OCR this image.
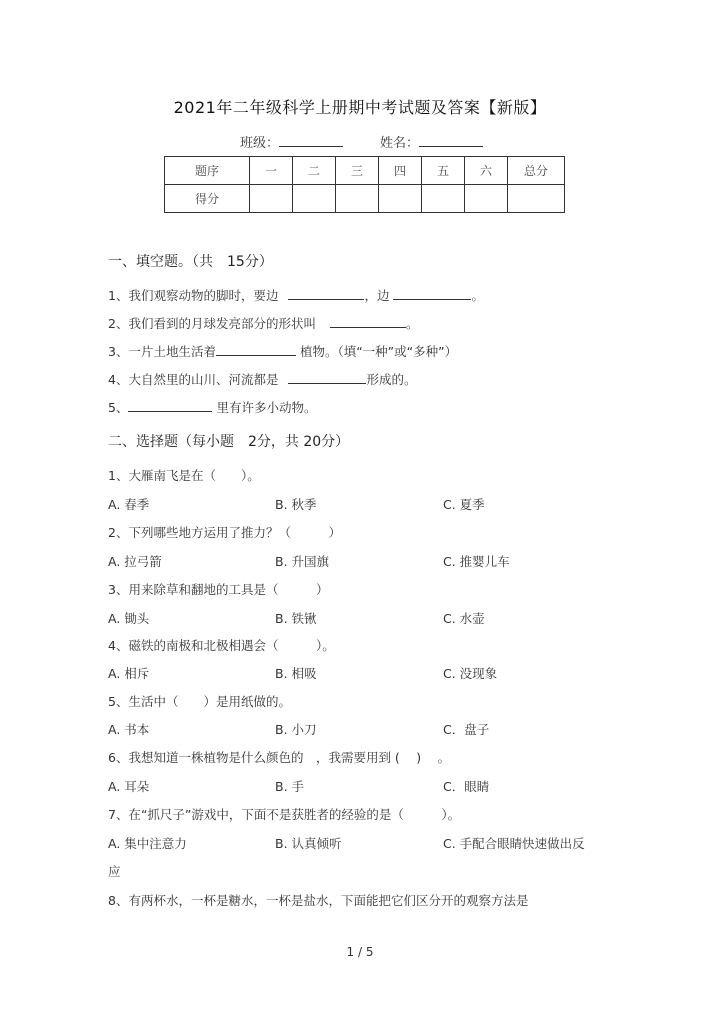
2021年二年级科学上册期中考试题及答案【新版】
班级：	姓名：
题序	一	二	三	四	五	六	总分
得分							
一、填空题。（共　15分）
1、我们观察动物的脚时，要边	，边	。
2、我们看到的月球发亮部分的形状叫	。
3、一片土地生活着	植物。（填“一种”或“多种”）
4、大自然里的山川、河流都是	形成的。
5、	里有许多小动物。
二、选择题（每小题　2分，共 20分）
1、大雁南飞是在（　　）。
A. 春季	B. 秋季	C. 夏季
2、下列哪些地方运用了推力？（　　　）
A. 拉弓箭	B. 升国旗	C. 推婴儿车
3、用来除草和翻地的工具是（　　　）
A. 锄头	B. 铁锹	C. 水壶
4、磁铁的南极和北极相遇会（　　　）。
A. 相斥	B. 相吸	C. 没现象
5、生活中（　　）是用纸做的。
A. 书本	B. 小刀	C．盘子
6、我想知道一株植物是什么颜色的　，我需要用到 (　 )　 。
A. 耳朵	B. 手	C．眼睛
7、在“抓尺子”游戏中，下面不是获胜者的经验的是（　　　）。
A. 集中注意力	B. 认真倾听	C. 手配合眼睛快速做出反
应
8、有两杯水，一杯是糖水，一杯是盐水，下面能把它们区分开的观察方法是
1 / 5
